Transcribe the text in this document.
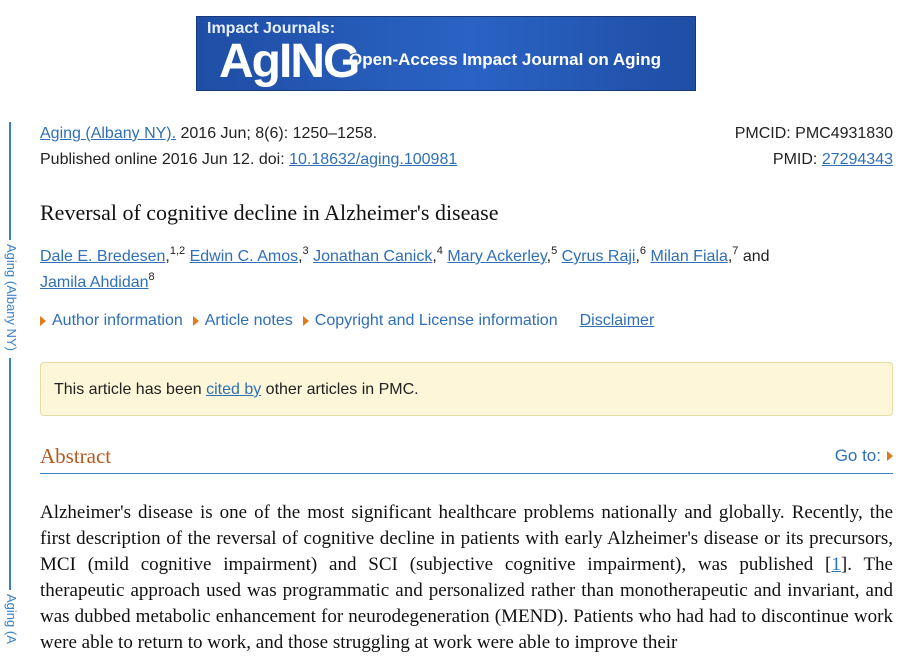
Aging (Albany NY)
Aging (A
Impact Journals:
AgING
Open-Access Impact Journal on Aging
Aging (Albany NY). 2016 Jun; 8(6): 1250–1258.
Published online 2016 Jun 12. doi: 10.18632/aging.100981
PMCID: PMC4931830
PMID: 27294343
Reversal of cognitive decline in Alzheimer's disease
Dale E. Bredesen,$^{1,2}$ Edwin C. Amos,$^3$ Jonathan Canick,$^4$ Mary Ackerley,$^5$ Cyrus Raji,$^6$ Milan Fiala,$^7$ and
Jamila Ahdidan$^8$
Author information Article notes Copyright and License information Disclaimer
This article has been cited by other articles in PMC.
Abstract	Go to:
Alzheimer's disease is one of the most significant healthcare problems nationally and globally. Recently, the first description of the reversal of cognitive decline in patients with early Alzheimer's disease or its precursors, MCI (mild cognitive impairment) and SCI (subjective cognitive impairment), was published [1]. The therapeutic approach used was programmatic and personalized rather than monotherapeutic and invariant, and was dubbed metabolic enhancement for neurodegeneration (MEND). Patients who had had to discontinue work were able to return to work, and those struggling at work were able to improve their
